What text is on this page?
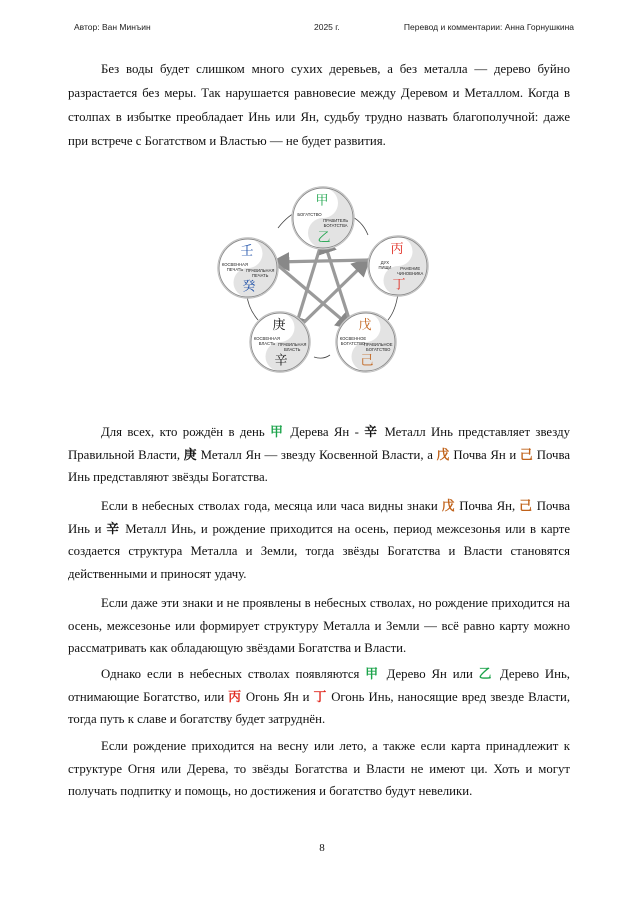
Автор: Ван Минъин	2025 г.	Перевод и комментарии: Анна Горнушкина
Без воды будет слишком много сухих деревьев, а без металла — дерево буйно разрастается без меры. Так нарушается равновесие между Деревом и Металлом. Когда в столпах в избытке преобладает Инь или Ян, судьбу трудно назвать благополучной: даже при встрече с Богатством и Властью — не будет развития.
甲
乙
БОГАТСТВО
ПРАВИТЕЛЬ БОГАТСТВА
丙
丁
ДУХ ПИЩИ	РАНЕНИЕ ЧИНОВНИКА
戊
己
КОСВЕННОЕ БОГАТСТВО
ПРАВИЛЬНОЕ БОГАТСТВО
庚
辛
КОСВЕННАЯ ВЛАСТЬ ПРАВИЛЬНАЯ ВЛАСТЬ
壬
癸
КОСВЕННАЯ ПЕЧАТЬ ПРАВИЛЬНАЯ ПЕЧАТЬ
Для всех, кто рождён в день 甲 Дерева Ян - 辛 Металл Инь представляет звезду Правильной Власти, 庚 Металл Ян — звезду Косвенной Власти, а 戊 Почва Ян и 己 Почва Инь представляют звёзды Богатства.
Если в небесных стволах года, месяца или часа видны знаки 戊 Почва Ян, 己 Почва Инь и 辛 Металл Инь, и рождение приходится на осень, период межсезонья или в карте создается структура Металла и Земли, тогда звёзды Богатства и Власти становятся действенными и приносят удачу.
Если даже эти знаки и не проявлены в небесных стволах, но рождение приходится на осень, межсезонье или формирует структуру Металла и Земли — всё равно карту можно рассматривать как обладающую звёздами Богатства и Власти.
Однако если в небесных стволах появляются 甲 Дерево Ян или 乙 Дерево Инь, отнимающие Богатство, или 丙 Огонь Ян и 丁 Огонь Инь, наносящие вред звезде Власти, тогда путь к славе и богатству будет затруднён.
Если рождение приходится на весну или лето, а также если карта принадлежит к структуре Огня или Дерева, то звёзды Богатства и Власти не имеют ци. Хоть и могут получать подпитку и помощь, но достижения и богатство будут невелики.
8
